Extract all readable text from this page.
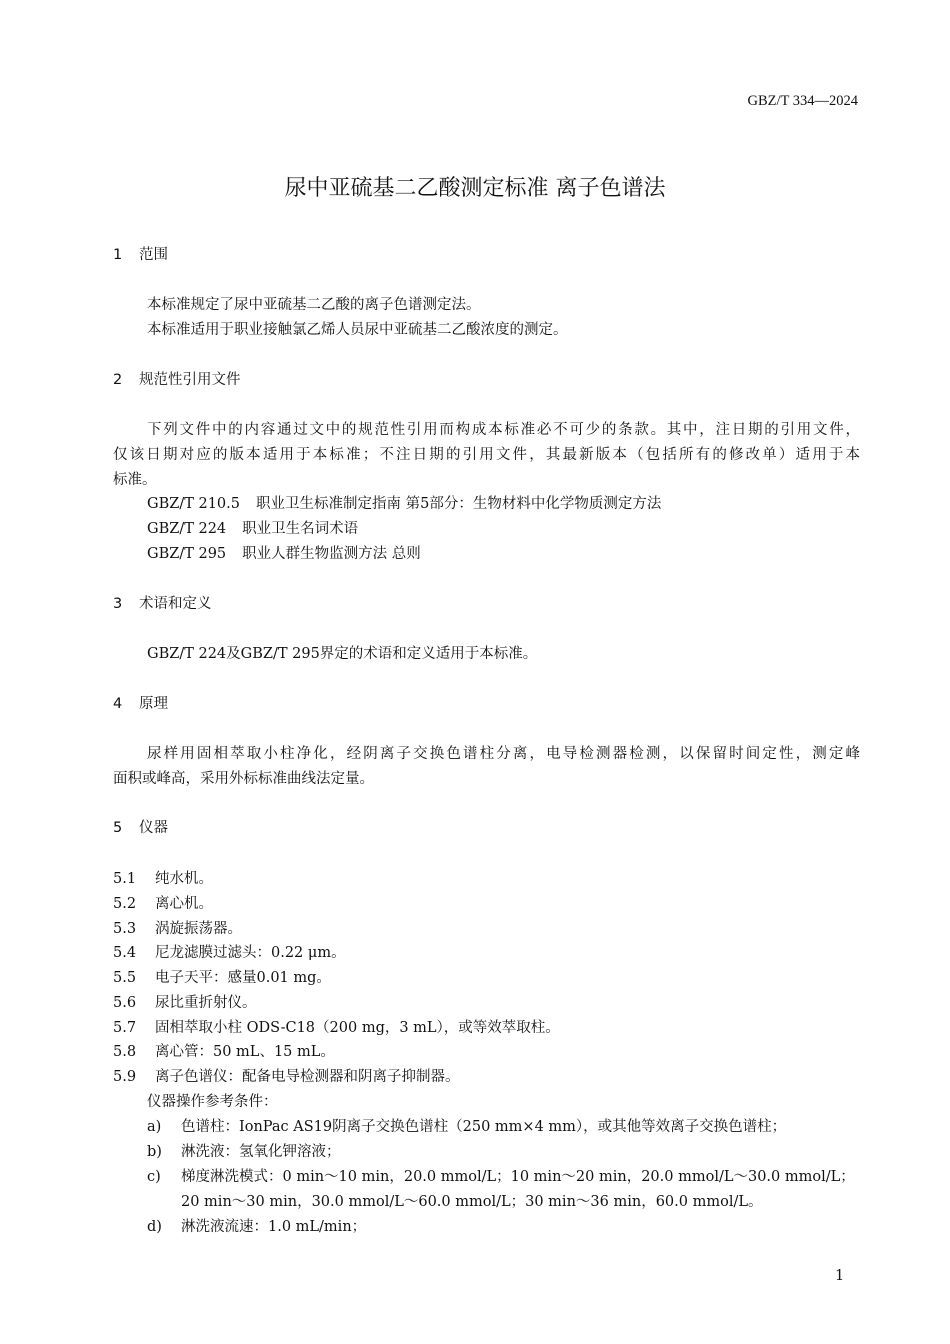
GBZ/T 334—2024
尿中亚硫基二乙酸测定标准 离子色谱法
1 范围
本标准规定了尿中亚硫基二乙酸的离子色谱测定法。
本标准适用于职业接触氯乙烯人员尿中亚硫基二乙酸浓度的测定。
2 规范性引用文件
下列文件中的内容通过文中的规范性引用而构成本标准必不可少的条款。其中，注日期的引用文件，
仅该日期对应的版本适用于本标准；不注日期的引用文件，其最新版本（包括所有的修改单）适用于本
标准。
GBZ/T 210.5 职业卫生标准制定指南 第5部分：生物材料中化学物质测定方法
GBZ/T 224 职业卫生名词术语
GBZ/T 295 职业人群生物监测方法 总则
3 术语和定义
GBZ/T 224及GBZ/T 295界定的术语和定义适用于本标准。
4 原理
尿样用固相萃取小柱净化，经阴离子交换色谱柱分离，电导检测器检测，以保留时间定性，测定峰
面积或峰高，采用外标标准曲线法定量。
5 仪器
5.1 纯水机。
5.2 离心机。
5.3 涡旋振荡器。
5.4 尼龙滤膜过滤头：0.22 μm。
5.5 电子天平：感量0.01 mg。
5.6 尿比重折射仪。
5.7 固相萃取小柱 ODS-C18（200 mg，3 mL），或等效萃取柱。
5.8 离心管：50 mL、15 mL。
5.9 离子色谱仪：配备电导检测器和阴离子抑制器。
仪器操作参考条件：
a) 色谱柱：IonPac AS19阴离子交换色谱柱（250 mm×4 mm），或其他等效离子交换色谱柱；
b) 淋洗液：氢氧化钾溶液；
c) 梯度淋洗模式：0 min～10 min，20.0 mmol/L；10 min～20 min，20.0 mmol/L～30.0 mmol/L；
20 min～30 min，30.0 mmol/L～60.0 mmol/L；30 min～36 min，60.0 mmol/L。
d) 淋洗液流速：1.0 mL/min；
1
